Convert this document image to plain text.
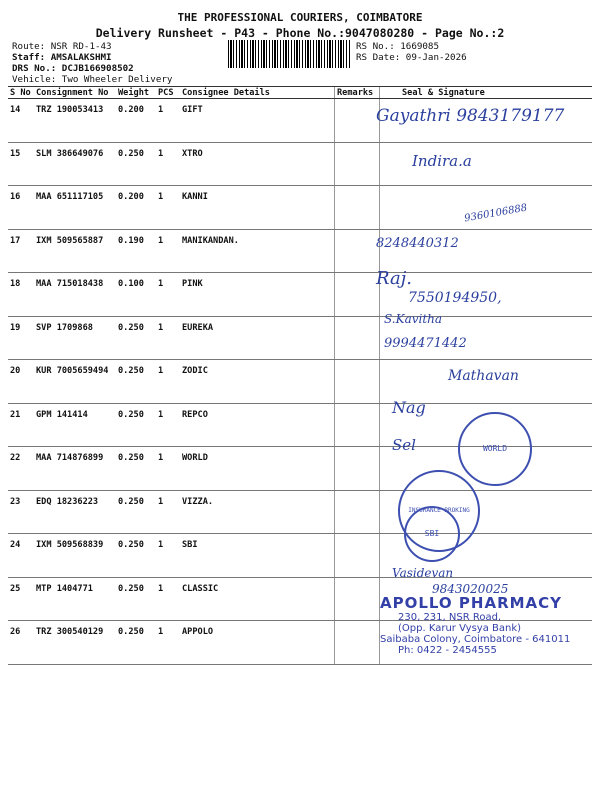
THE PROFESSIONAL COURIERS, COIMBATORE
Delivery Runsheet - P43 - Phone No.:9047080280 - Page No.:2
Route: NSR RD-1-43
Staff: AMSALAKSHMI
DRS No.: DCJB166908502
Vehicle: Two Wheeler Delivery
RS No.: 1669085
RS Date: 09-Jan-2026
S No	Consignment No	Weight	PCS	Consignee Details	Remarks	Seal & Signature
14	TRZ 190053413	0.200	1	GIFT		
15	SLM 386649076	0.250	1	XTRO		
16	MAA 651117105	0.200	1	KANNI		
17	IXM 509565887	0.190	1	MANIKANDAN.		
18	MAA 715018438	0.100	1	PINK		
19	SVP 1709868	0.250	1	EUREKA		
20	KUR 7005659494	0.250	1	ZODIC		
21	GPM 141414	0.250	1	REPCO		
22	MAA 714876899	0.250	1	WORLD		
23	EDQ 18236223	0.250	1	VIZZA.		
24	IXM 509568839	0.250	1	SBI		
25	MTP 1404771	0.250	1	CLASSIC		
26	TRZ 300540129	0.250	1	APPOLO		
Gayathri 9843179177
Indira.a
9360106888
8248440312
Raj.
7550194950,
S.Kavitha
9994471442
Mathavan
Nag
Sel
Vasidevan
9843020025
WORLD
INSURANCE BROKING
SBI
APOLLO PHARMACY
230, 231, NSR Road,
(Opp. Karur Vysya Bank)
Saibaba Colony, Coimbatore - 641011
Ph: 0422 - 2454555
